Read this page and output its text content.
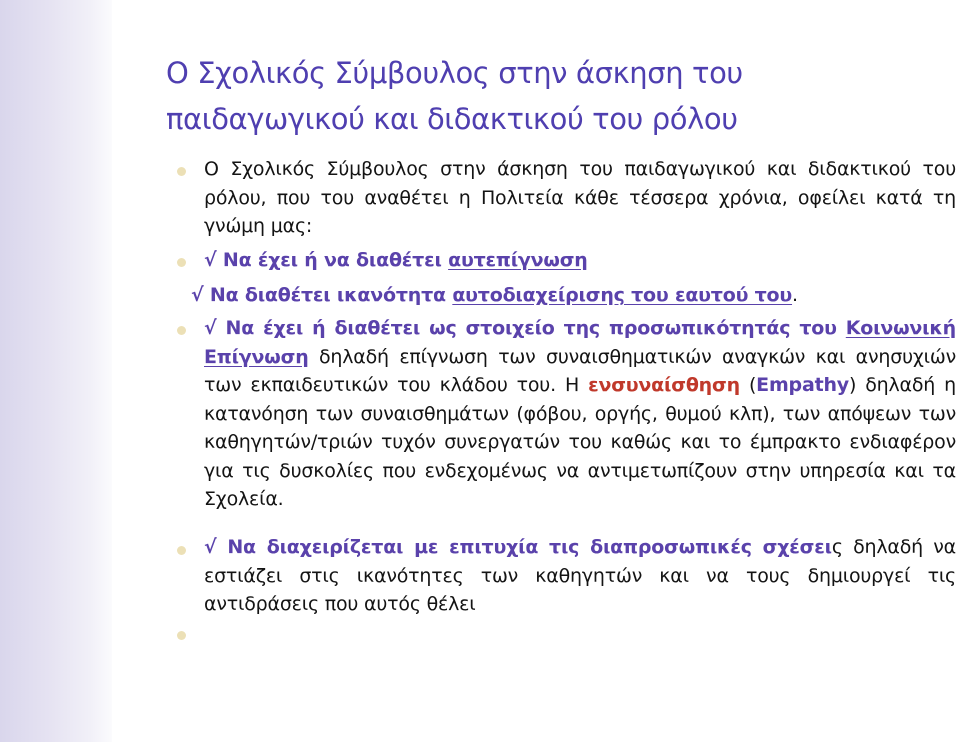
Ο Σχολικός Σύμβουλος στην άσκηση του
παιδαγωγικού και διδακτικού του ρόλου

Ο Σχολικός Σύμβουλος στην άσκηση του παιδαγωγικού και διδακτικού του ρόλου, που του αναθέτει η Πολιτεία κάθε τέσσερα χρόνια, οφείλει κατά τη γνώμη μας:

√ Να έχει ή να διαθέτει αυτεπίγνωση

√ Να διαθέτει ικανότητα αυτοδιαχείρισης του εαυτού του.

√ Να έχει ή διαθέτει ως στοιχείο της προσωπικότητάς του Κοινωνική Επίγνωση δηλαδή επίγνωση των συναισθηματικών αναγκών και ανησυχιών των εκπαιδευτικών του κλάδου του. Η ενσυναίσθηση (Empathy) δηλαδή η κατανόηση των συναισθημάτων (φόβου, οργής, θυμού κλπ), των απόψεων των καθηγητών/τριών τυχόν συνεργατών του καθώς και το έμπρακτο ενδιαφέρον για τις δυσκολίες που ενδεχομένως να αντιμετωπίζουν στην υπηρεσία και τα Σχολεία.

√ Να διαχειρίζεται με επιτυχία τις διαπροσωπικές σχέσεις δηλαδή να εστιάζει στις ικανότητες των καθηγητών και να τους δημιουργεί τις αντιδράσεις που αυτός θέλει
